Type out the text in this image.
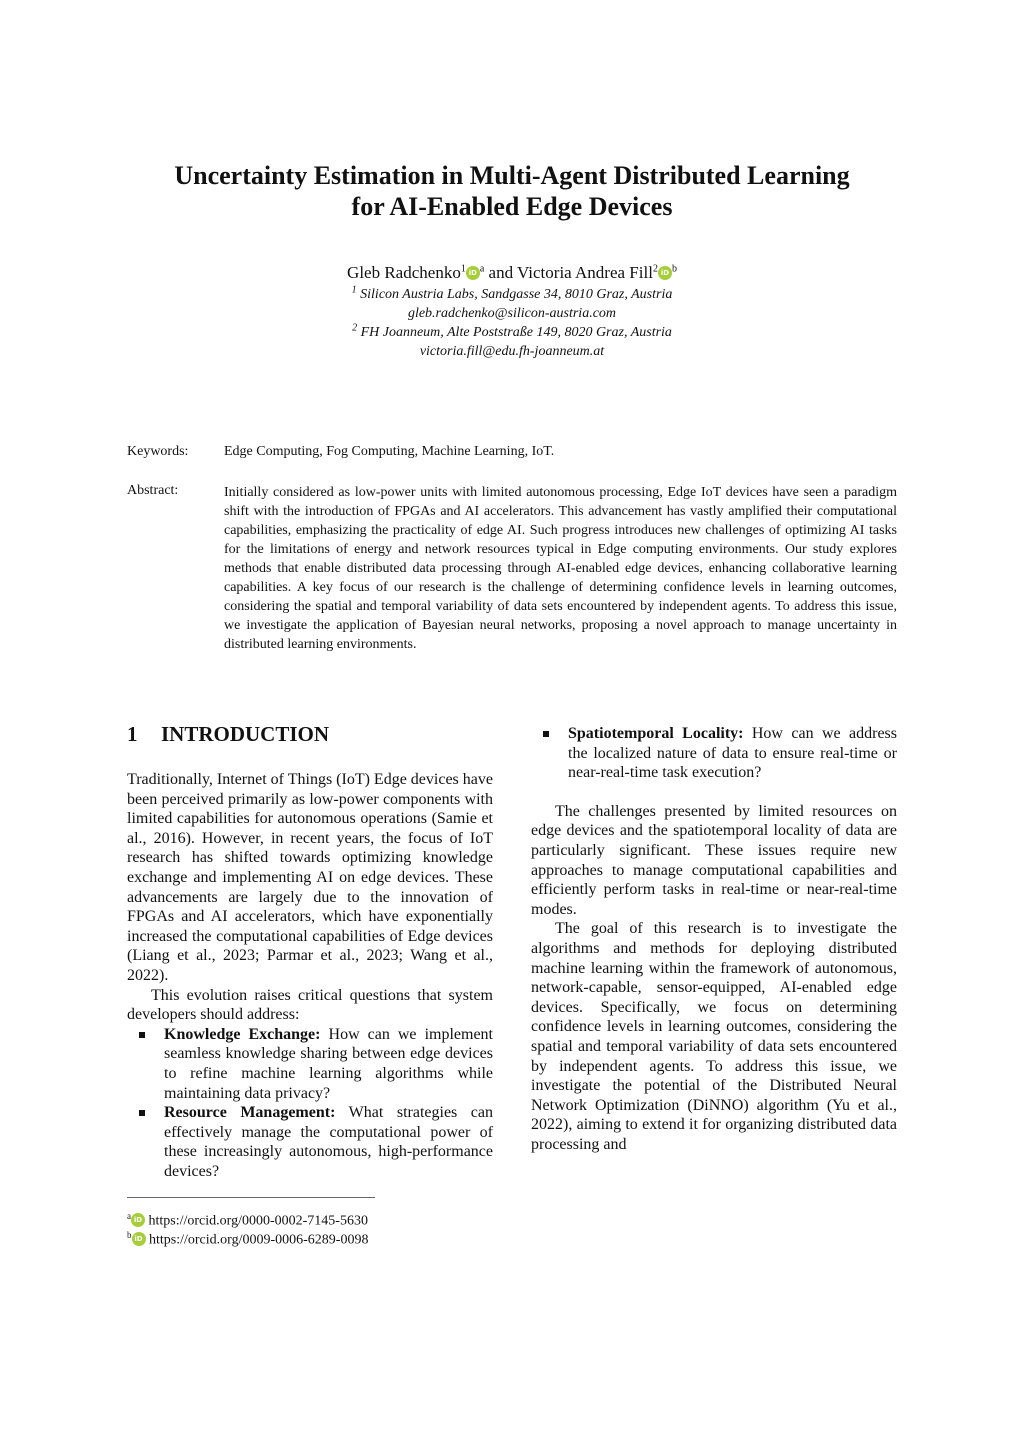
Uncertainty Estimation in Multi-Agent Distributed Learning
for AI-Enabled Edge Devices
Gleb Radchenko$^1$ iD $^a$ and Victoria Andrea Fill$^2$ iD $^b$
$^1$ Silicon Austria Labs, Sandgasse 34, 8010 Graz, Austria
gleb.radchenko@silicon-austria.com
$^2$ FH Joanneum, Alte Poststraße 149, 8020 Graz, Austria
victoria.fill@edu.fh-joanneum.at
Keywords:	Edge Computing, Fog Computing, Machine Learning, IoT.
Abstract:	Initially considered as low-power units with limited autonomous processing, Edge IoT devices have seen a paradigm shift with the introduction of FPGAs and AI accelerators. This advancement has vastly amplified their computational capabilities, emphasizing the practicality of edge AI. Such progress introduces new challenges of optimizing AI tasks for the limitations of energy and network resources typical in Edge computing environments. Our study explores methods that enable distributed data processing through AI-enabled edge devices, enhancing collaborative learning capabilities. A key focus of our research is the challenge of determining confidence levels in learning outcomes, considering the spatial and temporal variability of data sets encountered by independent agents. To address this issue, we investigate the application of Bayesian neural networks, proposing a novel approach to manage uncertainty in distributed learning environments.
1 INTRODUCTION

Traditionally, Internet of Things (IoT) Edge devices have been perceived primarily as low-power components with limited capabilities for autonomous operations (Samie et al., 2016). However, in recent years, the focus of IoT research has shifted towards optimizing knowledge exchange and implementing AI on edge devices. These advancements are largely due to the innovation of FPGAs and AI accelerators, which have exponentially increased the computational capabilities of Edge devices (Liang et al., 2023; Parmar et al., 2023; Wang et al., 2022).

This evolution raises critical questions that system developers should address:

Knowledge Exchange: How can we implement seamless knowledge sharing between edge devices to refine machine learning algorithms while maintaining data privacy?
Resource Management: What strategies can effectively manage the computational power of these increasingly autonomous, high-performance devices?
Spatiotemporal Locality: How can we address the localized nature of data to ensure real-time or near-real-time task execution?

The challenges presented by limited resources on edge devices and the spatiotemporal locality of data are particularly significant. These issues require new approaches to manage computational capabilities and efficiently perform tasks in real-time or near-real-time modes.

The goal of this research is to investigate the algorithms and methods for deploying distributed machine learning within the framework of autonomous, network-capable, sensor-equipped, AI-enabled edge devices. Specifically, we focus on determining confidence levels in learning outcomes, considering the spatial and temporal variability of data sets encountered by independent agents. To address this issue, we investigate the potential of the Distributed Neural Network Optimization (DiNNO) algorithm (Yu et al., 2022), aiming to extend it for organizing distributed data processing and

$^a$ iD https://orcid.org/0000-0002-7145-5630
$^b$ iD https://orcid.org/0009-0006-6289-0098
